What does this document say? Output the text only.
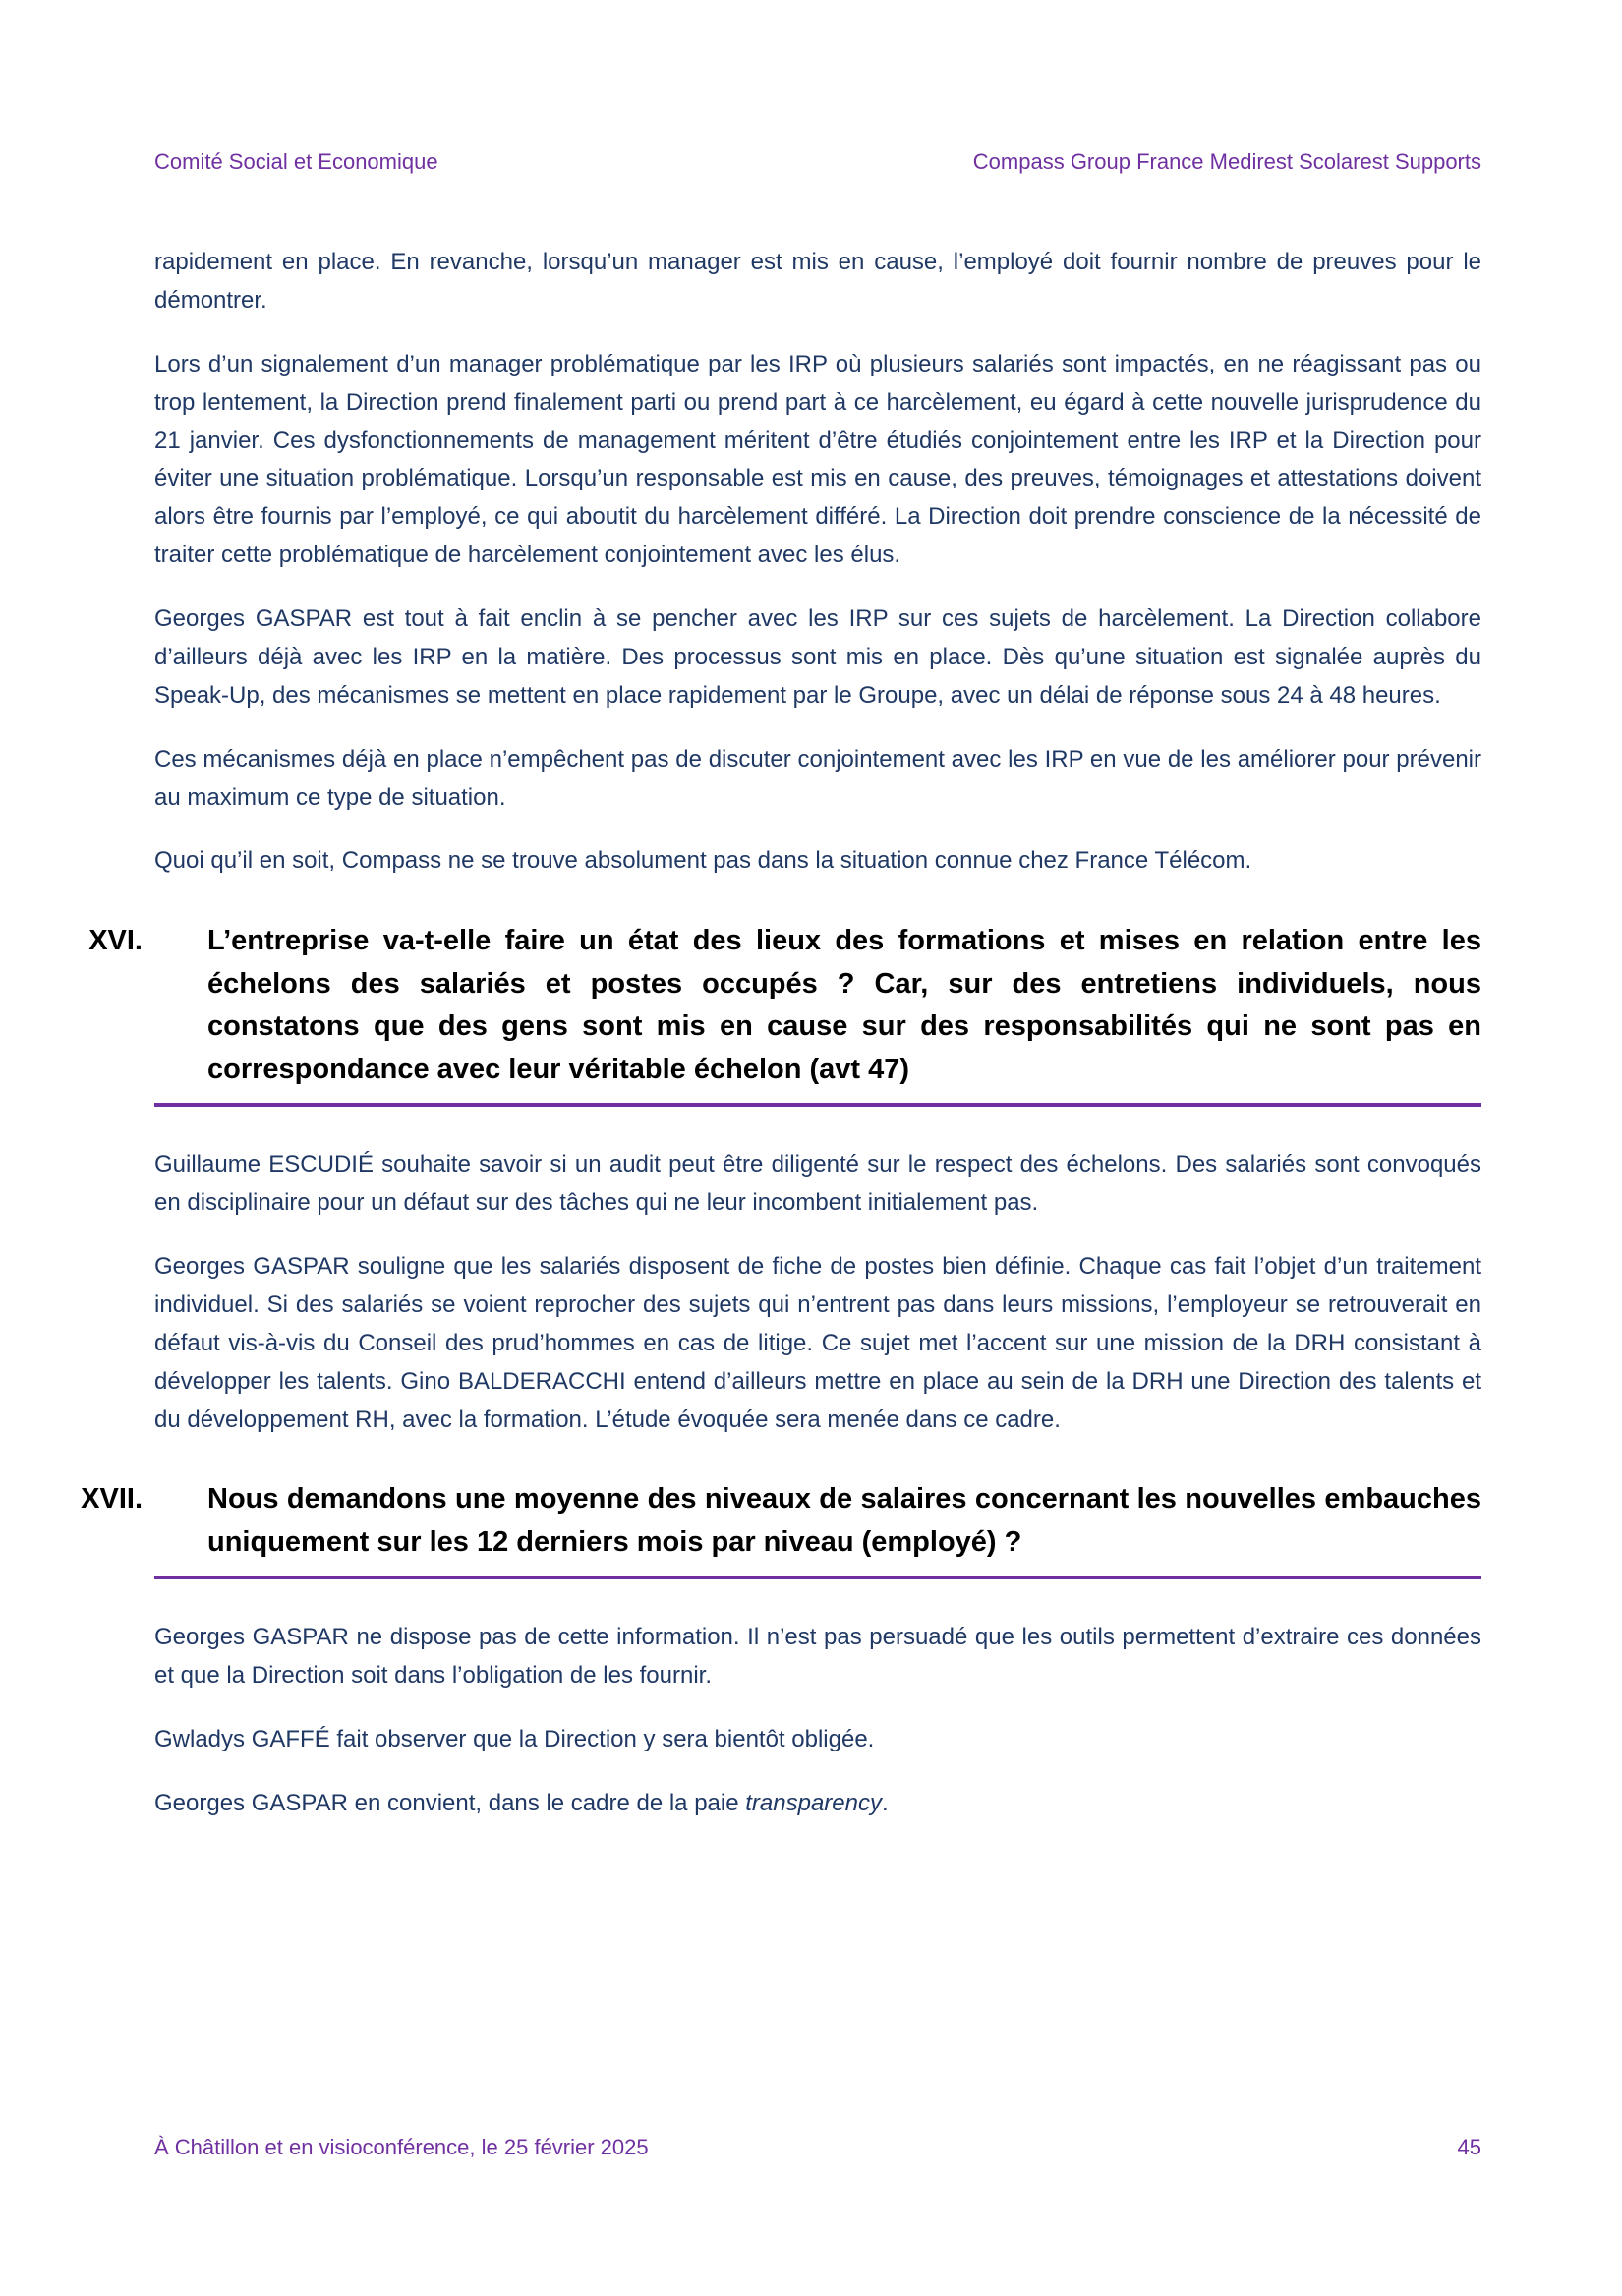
Comité Social et Economique	Compass Group France Medirest Scolarest Supports

rapidement en place. En revanche, lorsqu’un manager est mis en cause, l’employé doit fournir nombre de preuves pour le démontrer.

Lors d’un signalement d’un manager problématique par les IRP où plusieurs salariés sont impactés, en ne réagissant pas ou trop lentement, la Direction prend finalement parti ou prend part à ce harcèlement, eu égard à cette nouvelle jurisprudence du 21 janvier. Ces dysfonctionnements de management méritent d’être étudiés conjointement entre les IRP et la Direction pour éviter une situation problématique. Lorsqu’un responsable est mis en cause, des preuves, témoignages et attestations doivent alors être fournis par l’employé, ce qui aboutit du harcèlement différé. La Direction doit prendre conscience de la nécessité de traiter cette problématique de harcèlement conjointement avec les élus.

Georges GASPAR est tout à fait enclin à se pencher avec les IRP sur ces sujets de harcèlement. La Direction collabore d’ailleurs déjà avec les IRP en la matière. Des processus sont mis en place. Dès qu’une situation est signalée auprès du Speak-Up, des mécanismes se mettent en place rapidement par le Groupe, avec un délai de réponse sous 24 à 48 heures.

Ces mécanismes déjà en place n’empêchent pas de discuter conjointement avec les IRP en vue de les améliorer pour prévenir au maximum ce type de situation.

Quoi qu’il en soit, Compass ne se trouve absolument pas dans la situation connue chez France Télécom.

XVI. L’entreprise va-t-elle faire un état des lieux des formations et mises en relation entre les échelons des salariés et postes occupés ? Car, sur des entretiens individuels, nous constatons que des gens sont mis en cause sur des responsabilités qui ne sont pas en correspondance avec leur véritable échelon (avt 47)

Guillaume ESCUDIÉ souhaite savoir si un audit peut être diligenté sur le respect des échelons. Des salariés sont convoqués en disciplinaire pour un défaut sur des tâches qui ne leur incombent initialement pas.

Georges GASPAR souligne que les salariés disposent de fiche de postes bien définie. Chaque cas fait l’objet d’un traitement individuel. Si des salariés se voient reprocher des sujets qui n’entrent pas dans leurs missions, l’employeur se retrouverait en défaut vis-à-vis du Conseil des prud’hommes en cas de litige. Ce sujet met l’accent sur une mission de la DRH consistant à développer les talents. Gino BALDERACCHI entend d’ailleurs mettre en place au sein de la DRH une Direction des talents et du développement RH, avec la formation. L’étude évoquée sera menée dans ce cadre.

XVII. Nous demandons une moyenne des niveaux de salaires concernant les nouvelles embauches uniquement sur les 12 derniers mois par niveau (employé) ?

Georges GASPAR ne dispose pas de cette information. Il n’est pas persuadé que les outils permettent d’extraire ces données et que la Direction soit dans l’obligation de les fournir.

Gwladys GAFFÉ fait observer que la Direction y sera bientôt obligée.

Georges GASPAR en convient, dans le cadre de la paie transparency.

À Châtillon et en visioconférence, le 25 février 2025	45
